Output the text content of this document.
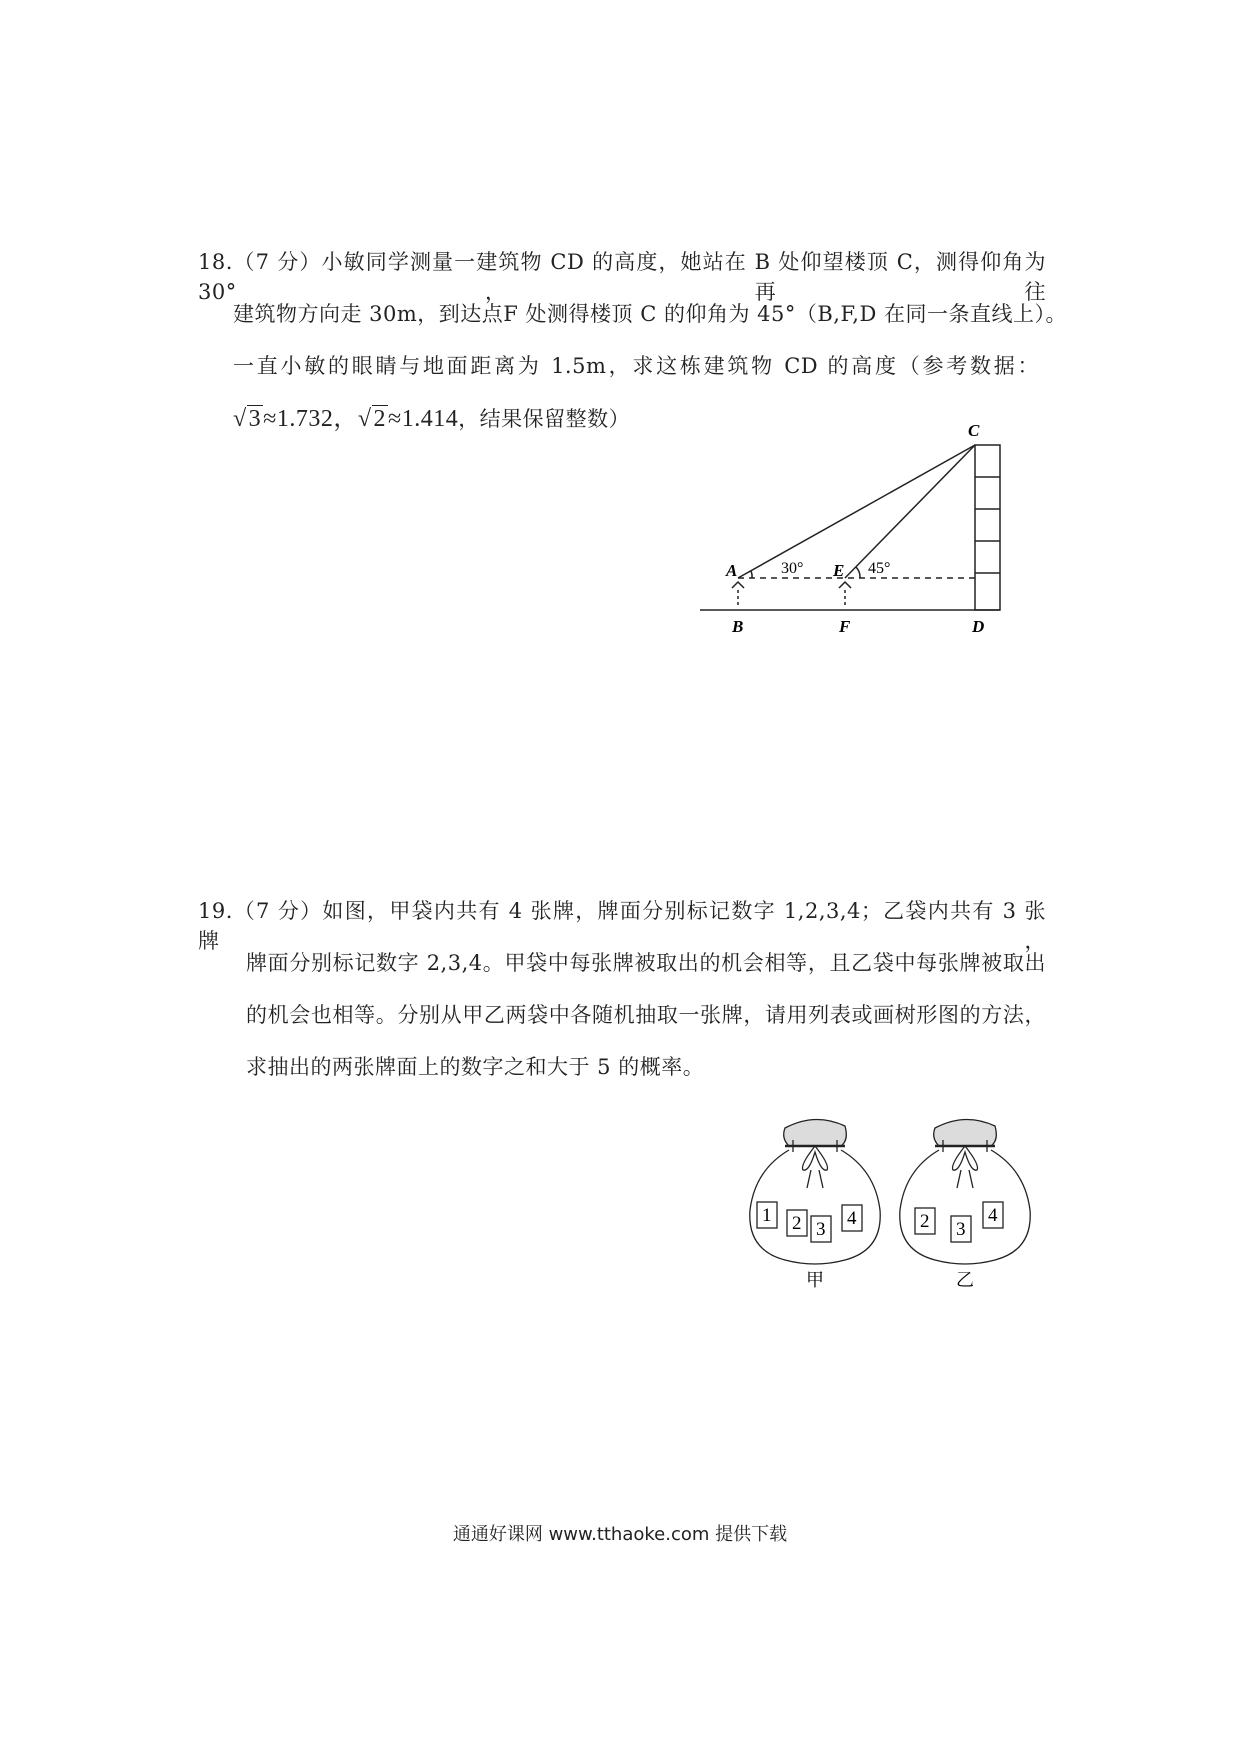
18.（7 分）小敏同学测量一建筑物 CD 的高度，她站在 B 处仰望楼顶 C，测得仰角为 30°，再往
建筑物方向走 30m，到达点F 处测得楼顶 C 的仰角为 45°（B,F,D 在同一条直线上）。
一直小敏的眼睛与地面距离为 1.5m，求这栋建筑物 CD 的高度（参考数据：
√3≈1.732，√2≈1.414，结果保留整数）	C
A	E
B	F	D
30°	45°
19.（7 分）如图，甲袋内共有 4 张牌，牌面分别标记数字 1,2,3,4；乙袋内共有 3 张牌，
牌面分别标记数字 2,3,4。甲袋中每张牌被取出的机会相等，且乙袋中每张牌被取出
的机会也相等。分别从甲乙两袋中各随机抽取一张牌，请用列表或画树形图的方法，
求抽出的两张牌面上的数字之和大于 5 的概率。
1 2 3
4
甲
2 3
4
乙
通通好课网 www.tthaoke.com 提供下载
